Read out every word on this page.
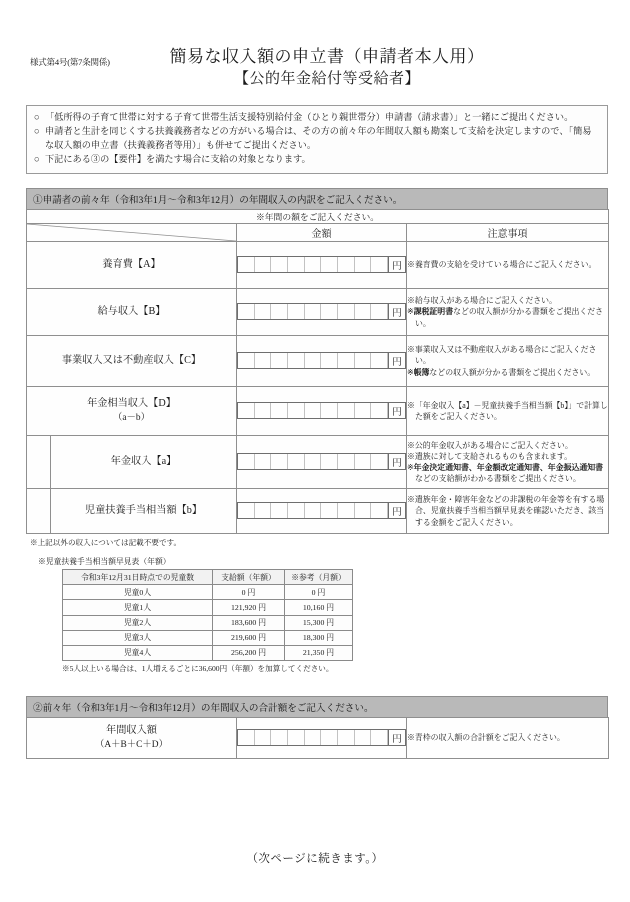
様式第4号(第7条関係)	簡易な収入額の申立書（申請者本人用）
【公的年金給付等受給者】
○ 「低所得の子育て世帯に対する子育て世帯生活支援特別給付金（ひとり親世帯分）申請書（請求書）」と一緒にご提出ください。
○ 申請者と生計を同じくする扶養義務者などの方がいる場合は、その方の前々年の年間収入額も勘案して支給を決定しますので、「簡易な収入額の申立書（扶養義務者等用）」も併せてご提出ください。
○ 下記にある③の【要件】を満たす場合に支給の対象となります。
①申請者の前々年（令和3年1月～令和3年12月）の年間収入の内訳をご記入ください。
※年間の額をご記入ください。			

	金額	注意事項
養育費【A】		円	※養育費の支給を受けている場合にご記入ください。

給与収入【B】		円	※給与収入がある場合にご記入ください。

※課税証明書などの収入額が分かる書類をご提出ください。

事業収入又は不動産収入【C】		円	※事業収入又は不動産収入がある場合にご記入ください。

※帳簿などの収入額が分かる書類をご提出ください。

年金相当収入【D】
（a－b）		円	※「年金収入【a】－児童扶養手当相当額【b】」で計算した額をご記入ください。

	年金収入【a】	円	※公的年金収入がある場合にご記入ください。

※遺族に対して支給されるものも含まれます。

※年金決定通知書、年金額改定通知書、年金振込通知書などの支給額がわかる書類をご提出ください。

	児童扶養手当相当額【b】	円	※遺族年金・障害年金などの非課税の年金等を有する場合、児童扶養手当相当額早見表を確認いただき、該当する金額をご記入ください。

※上記以外の収入については記載不要です。
※児童扶養手当相当額早見表（年額）
令和3年12月31日時点での児童数	支給額（年額）	※参考（月額）
児童0人	0 円	0 円
児童1人	121,920 円	10,160 円
児童2人	183,600 円	15,300 円
児童3人	219,600 円	18,300 円
児童4人	256,200 円	21,350 円
※5人以上いる場合は、1人増えるごとに36,600円（年額）を加算してください。
②前々年（令和3年1月～令和3年12月）の年間収入の合計額をご記入ください。
年間収入額
（A＋B＋C＋D）	円	※青枠の収入額の合計額をご記入ください。

（次ページに続きます。）
